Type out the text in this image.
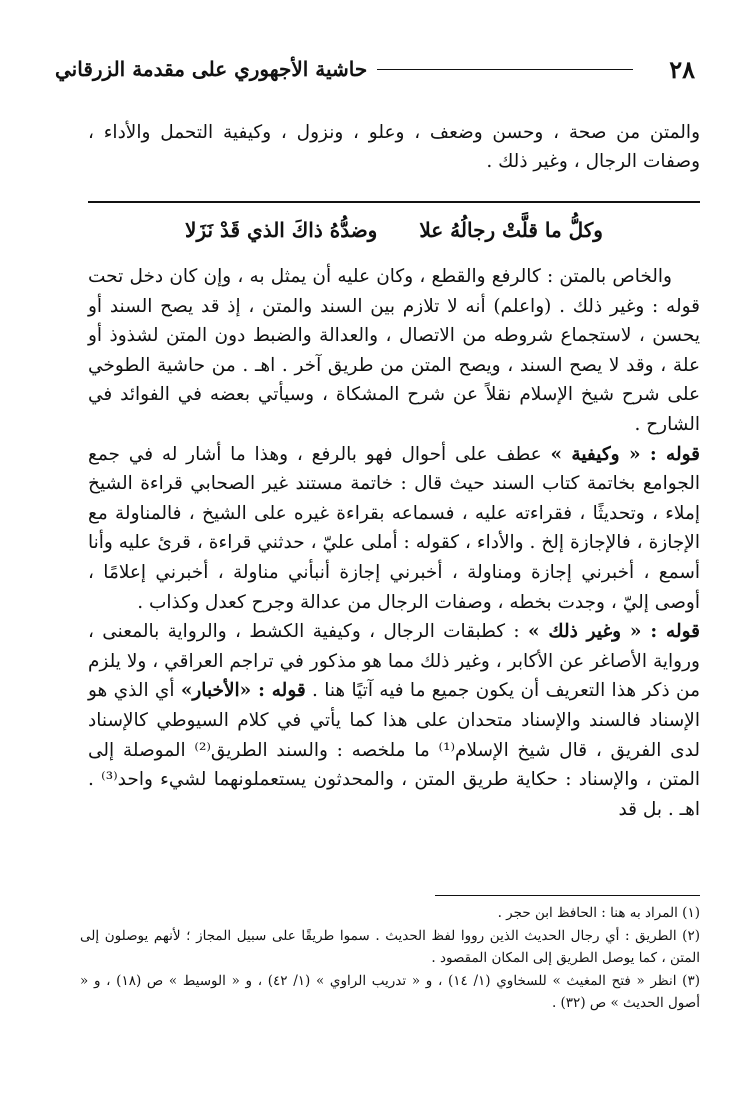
٢٨
حاشية الأجهوري على مقدمة الزرقاني

والمتن من صحة ، وحسن وضعف ، وعلو ، ونزول ، وكيفية التحمل والأداء ، وصفات الرجال ، وغير ذلك .

وكلُّ ما قلَّتْ رجالُهُ علا
وضدُّهُ ذاكَ الذي قَدْ نَزَلا

والخاص بالمتن : كالرفع والقطع ، وكان عليه أن يمثل به ، وإن كان دخل تحت قوله : وغير ذلك . (واعلم) أنه لا تلازم بين السند والمتن ، إذ قد يصح السند أو يحسن ، لاستجماع شروطه من الاتصال ، والعدالة والضبط دون المتن لشذوذ أو علة ، وقد لا يصح السند ، ويصح المتن من طريق آخر . اهـ . من حاشية الطوخي على شرح شيخ الإسلام نقلاً عن شرح المشكاة ، وسيأتي بعضه في الفوائد في الشارح .

قوله : « وكيفية » عطف على أحوال فهو بالرفع ، وهذا ما أشار له في جمع الجوامع بخاتمة كتاب السند حيث قال : خاتمة مستند غير الصحابي قراءة الشيخ إملاء ، وتحديثًا ، فقراءته عليه ، فسماعه بقراءة غيره على الشيخ ، فالمناولة مع الإجازة ، فالإجازة إلخ . والأداء ، كقوله : أملى عليّ ، حدثني قراءة ، قرئ عليه وأنا أسمع ، أخبرني إجازة ومناولة ، أخبرني إجازة أنبأني مناولة ، أخبرني إعلامًا ، أوصى إليّ ، وجدت بخطه ، وصفات الرجال من عدالة وجرح كعدل وكذاب .

قوله : « وغير ذلك » : كطبقات الرجال ، وكيفية الكشط ، والرواية بالمعنى ، ورواية الأصاغر عن الأكابر ، وغير ذلك مما هو مذكور في تراجم العراقي ، ولا يلزم من ذكر هذا التعريف أن يكون جميع ما فيه آتيًا هنا . قوله : «الأخبار» أي الذي هو الإسناد فالسند والإسناد متحدان على هذا كما يأتي في كلام السيوطي كالإسناد لدى الفريق ، قال شيخ الإسلام⁽¹⁾ ما ملخصه : والسند الطريق⁽²⁾ الموصلة إلى المتن ، والإسناد : حكاية طريق المتن ، والمحدثون يستعملونهما لشيء واحد⁽³⁾ . اهـ . بل قد

(١) المراد به هنا : الحافظ ابن حجر .

(٢) الطريق : أي رجال الحديث الذين رووا لفظ الحديث . سموا طريقًا على سبيل المجاز ؛ لأنهم يوصلون إلى المتن ، كما يوصل الطريق إلى المكان المقصود .

(٣) انظر « فتح المغيث » للسخاوي (١/ ١٤) ، و « تدريب الراوي » (١/ ٤٢) ، و « الوسيط » ص (١٨) ، و « أصول الحديث » ص (٣٢) .
